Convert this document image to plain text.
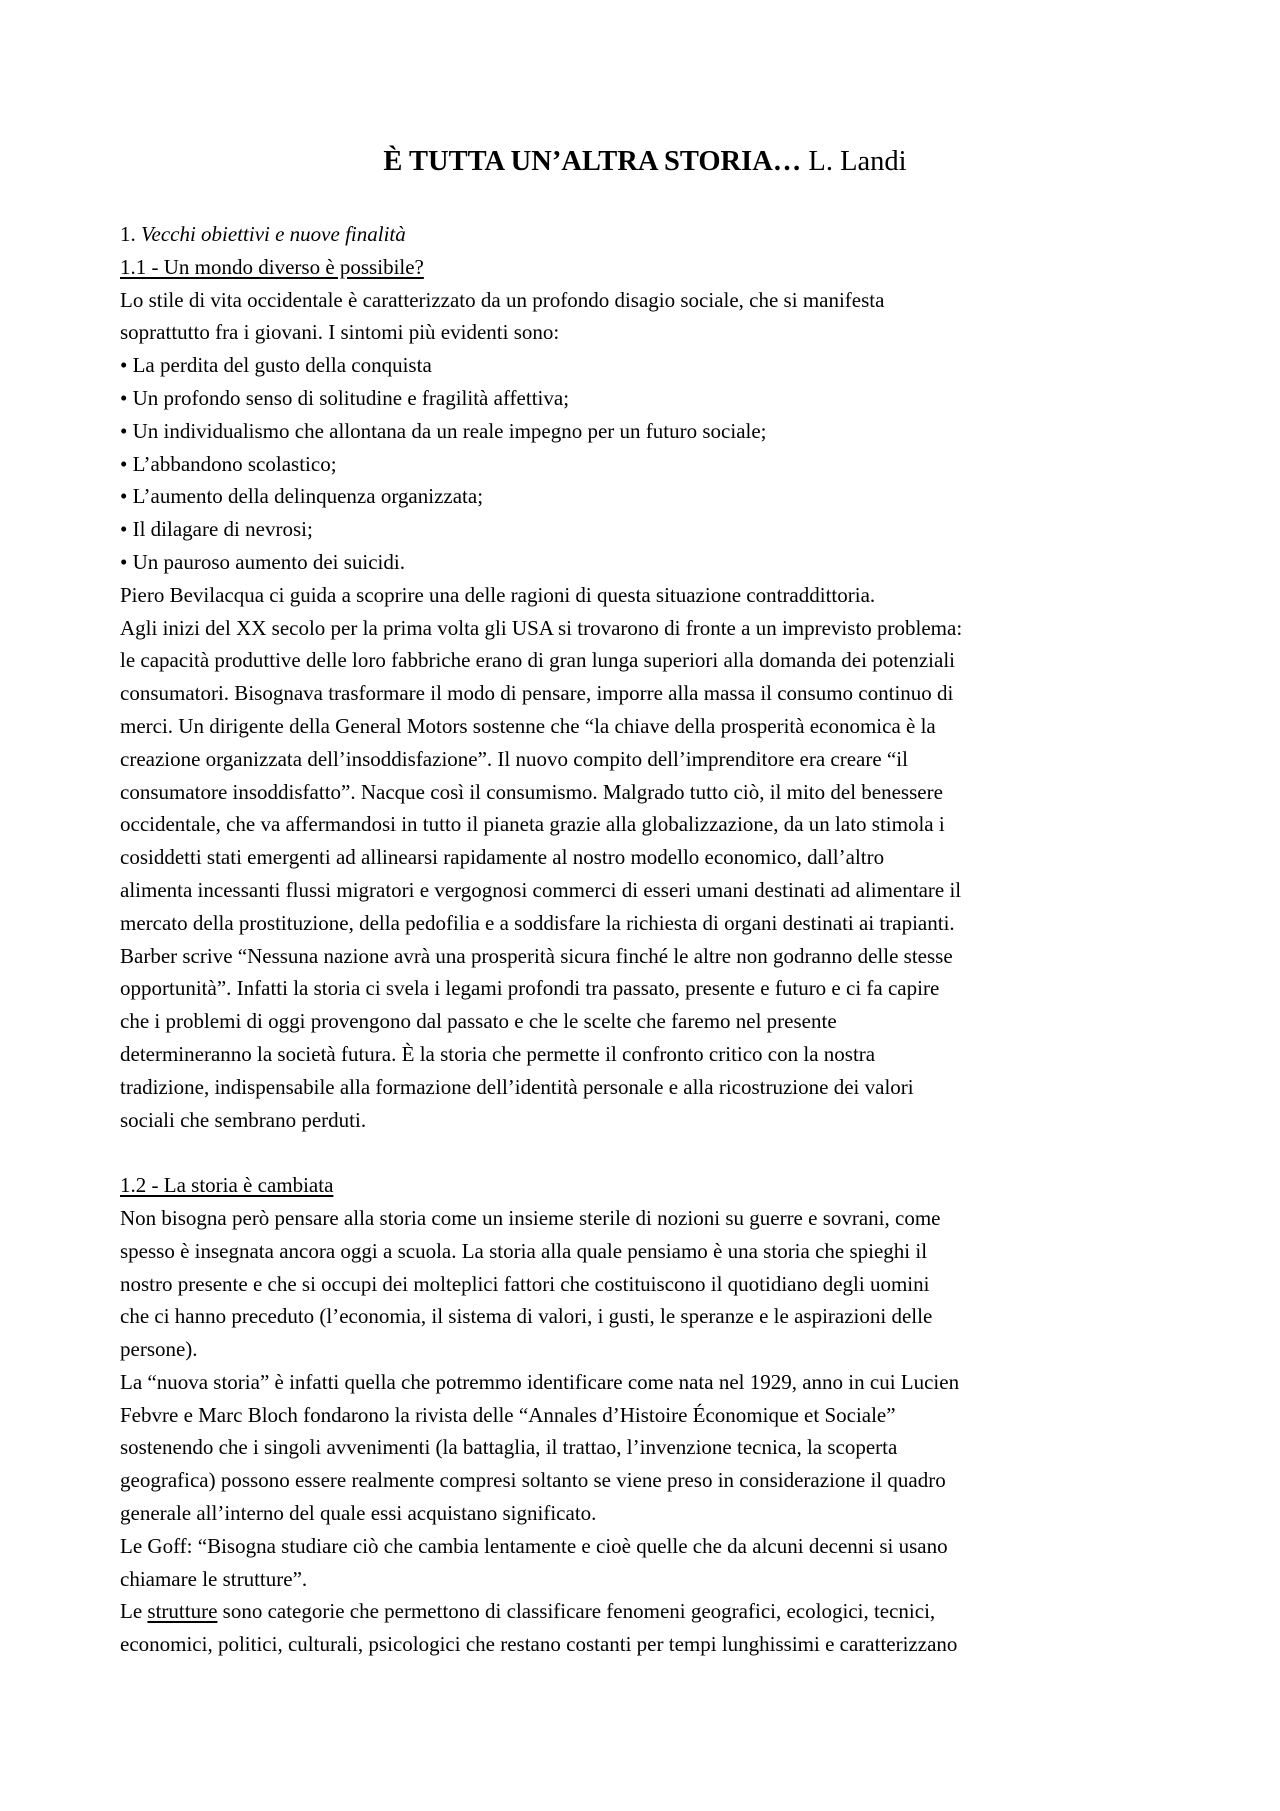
È TUTTA UN’ALTRA STORIA… L. Landi
1. Vecchi obiettivi e nuove finalità
1.1 - Un mondo diverso è possibile?
Lo stile di vita occidentale è caratterizzato da un profondo disagio sociale, che si manifesta
soprattutto fra i giovani. I sintomi più evidenti sono:
• La perdita del gusto della conquista
• Un profondo senso di solitudine e fragilità affettiva;
• Un individualismo che allontana da un reale impegno per un futuro sociale;
• L’abbandono scolastico;
• L’aumento della delinquenza organizzata;
• Il dilagare di nevrosi;
• Un pauroso aumento dei suicidi.
Piero Bevilacqua ci guida a scoprire una delle ragioni di questa situazione contraddittoria.
Agli inizi del XX secolo per la prima volta gli USA si trovarono di fronte a un imprevisto problema:
le capacità produttive delle loro fabbriche erano di gran lunga superiori alla domanda dei potenziali
consumatori. Bisognava trasformare il modo di pensare, imporre alla massa il consumo continuo di
merci. Un dirigente della General Motors sostenne che “la chiave della prosperità economica è la
creazione organizzata dell’insoddisfazione”. Il nuovo compito dell’imprenditore era creare “il
consumatore insoddisfatto”. Nacque così il consumismo. Malgrado tutto ciò, il mito del benessere
occidentale, che va affermandosi in tutto il pianeta grazie alla globalizzazione, da un lato stimola i
cosiddetti stati emergenti ad allinearsi rapidamente al nostro modello economico, dall’altro
alimenta incessanti flussi migratori e vergognosi commerci di esseri umani destinati ad alimentare il
mercato della prostituzione, della pedofilia e a soddisfare la richiesta di organi destinati ai trapianti.
Barber scrive “Nessuna nazione avrà una prosperità sicura finché le altre non godranno delle stesse
opportunità”. Infatti la storia ci svela i legami profondi tra passato, presente e futuro e ci fa capire
che i problemi di oggi provengono dal passato e che le scelte che faremo nel presente
determineranno la società futura. È la storia che permette il confronto critico con la nostra
tradizione, indispensabile alla formazione dell’identità personale e alla ricostruzione dei valori
sociali che sembrano perduti.
1.2 - La storia è cambiata
Non bisogna però pensare alla storia come un insieme sterile di nozioni su guerre e sovrani, come
spesso è insegnata ancora oggi a scuola. La storia alla quale pensiamo è una storia che spieghi il
nostro presente e che si occupi dei molteplici fattori che costituiscono il quotidiano degli uomini
che ci hanno preceduto (l’economia, il sistema di valori, i gusti, le speranze e le aspirazioni delle
persone).
La “nuova storia” è infatti quella che potremmo identificare come nata nel 1929, anno in cui Lucien
Febvre e Marc Bloch fondarono la rivista delle “Annales d’Histoire Économique et Sociale”
sostenendo che i singoli avvenimenti (la battaglia, il trattao, l’invenzione tecnica, la scoperta
geografica) possono essere realmente compresi soltanto se viene preso in considerazione il quadro
generale all’interno del quale essi acquistano significato.
Le Goff: “Bisogna studiare ciò che cambia lentamente e cioè quelle che da alcuni decenni si usano
chiamare le strutture”.
Le strutture sono categorie che permettono di classificare fenomeni geografici, ecologici, tecnici,
economici, politici, culturali, psicologici che restano costanti per tempi lunghissimi e caratterizzano
